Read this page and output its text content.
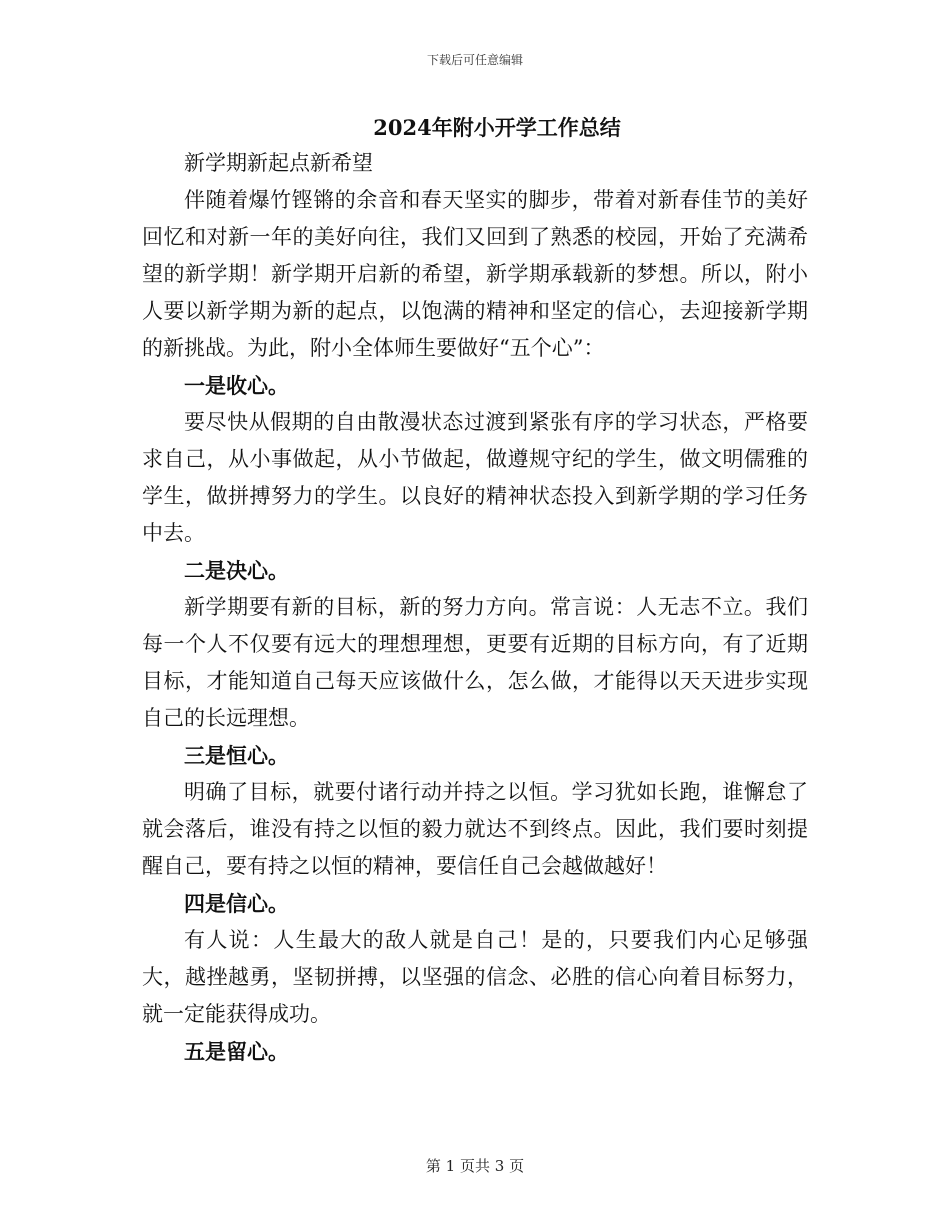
下载后可任意编辑
2024年附小开学工作总结

新学期新起点新希望

伴随着爆竹铿锵的余音和春天坚实的脚步，带着对新春佳节的美好回忆和对新一年的美好向往，我们又回到了熟悉的校园，开始了充满希望的新学期！新学期开启新的希望，新学期承载新的梦想。所以，附小人要以新学期为新的起点，以饱满的精神和坚定的信心，去迎接新学期的新挑战。为此，附小全体师生要做好“五个心”：

一是收心。

要尽快从假期的自由散漫状态过渡到紧张有序的学习状态，严格要求自己，从小事做起，从小节做起，做遵规守纪的学生，做文明儒雅的学生，做拼搏努力的学生。以良好的精神状态投入到新学期的学习任务中去。

二是决心。

新学期要有新的目标，新的努力方向。常言说：人无志不立。我们每一个人不仅要有远大的理想理想，更要有近期的目标方向，有了近期目标，才能知道自己每天应该做什么，怎么做，才能得以天天进步实现自己的长远理想。

三是恒心。

明确了目标，就要付诸行动并持之以恒。学习犹如长跑，谁懈怠了就会落后，谁没有持之以恒的毅力就达不到终点。因此，我们要时刻提醒自己，要有持之以恒的精神，要信任自己会越做越好！

四是信心。

有人说：人生最大的敌人就是自己！是的，只要我们内心足够强大，越挫越勇，坚韧拼搏，以坚强的信念、必胜的信心向着目标努力，就一定能获得成功。

五是留心。

第 1 页共 3 页
